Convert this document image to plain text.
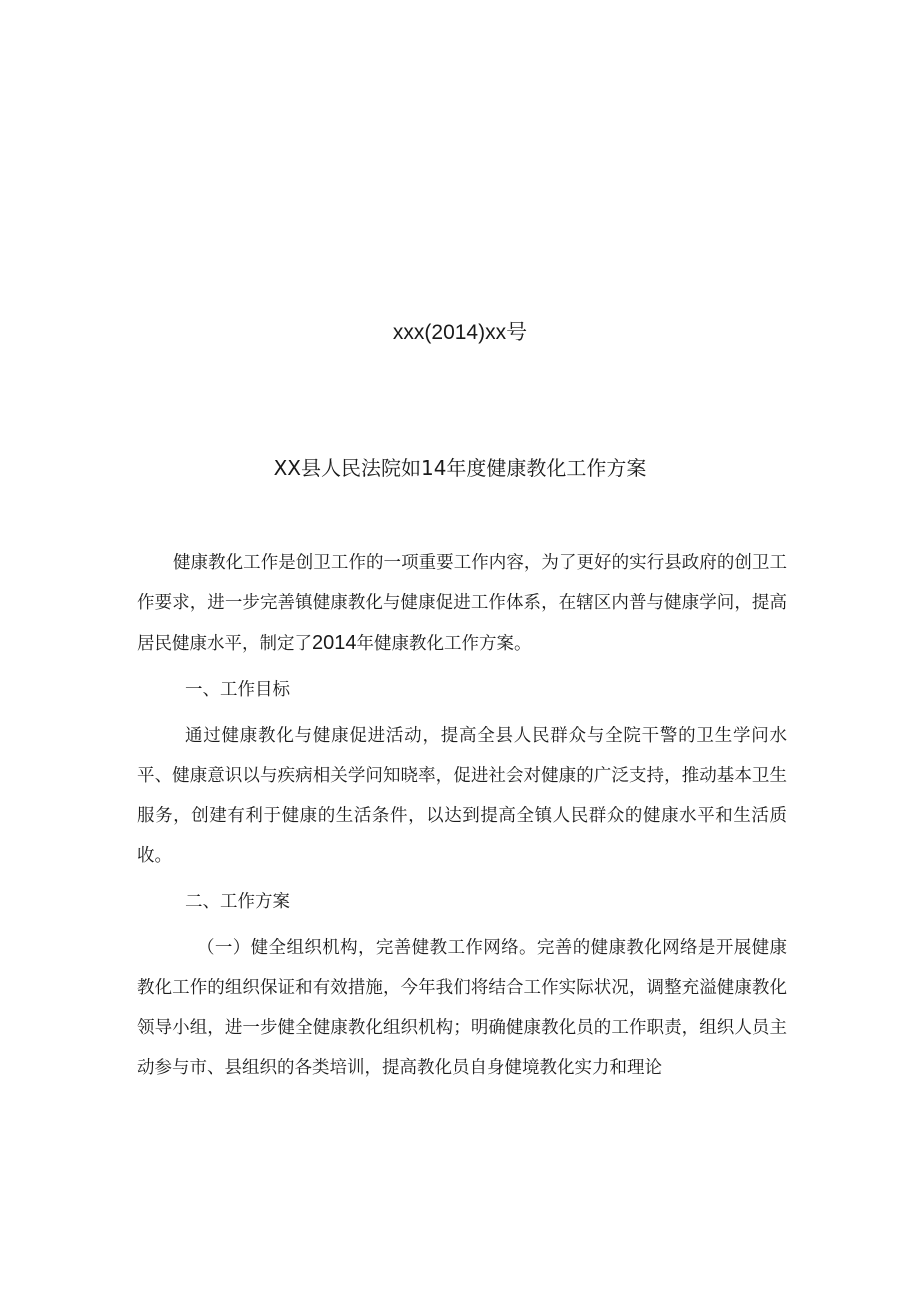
xxx(2014)xx号
XX县人民法院如14年度健康教化工作方案

健康教化工作是创卫工作的一项重要工作内容，为了更好的实行县政府的创卫工作要求，进一步完善镇健康教化与健康促进工作体系，在辖区内普与健康学问，提高居民健康水平，制定了2014年健康教化工作方案。

一、工作目标

通过健康教化与健康促进活动，提高全县人民群众与全院干警的卫生学问水平、健康意识以与疾病相关学问知晓率，促进社会对健康的广泛支持，推动基本卫生服务，创建有利于健康的生活条件，以达到提高全镇人民群众的健康水平和生活质收。

二、工作方案

（一）健全组织机构，完善健教工作网络。完善的健康教化网络是开展健康教化工作的组织保证和有效措施，今年我们将结合工作实际状况，调整充溢健康教化领导小组，进一步健全健康教化组织机构；明确健康教化员的工作职责，组织人员主动参与市、县组织的各类培训，提高教化员自身健境教化实力和理论
